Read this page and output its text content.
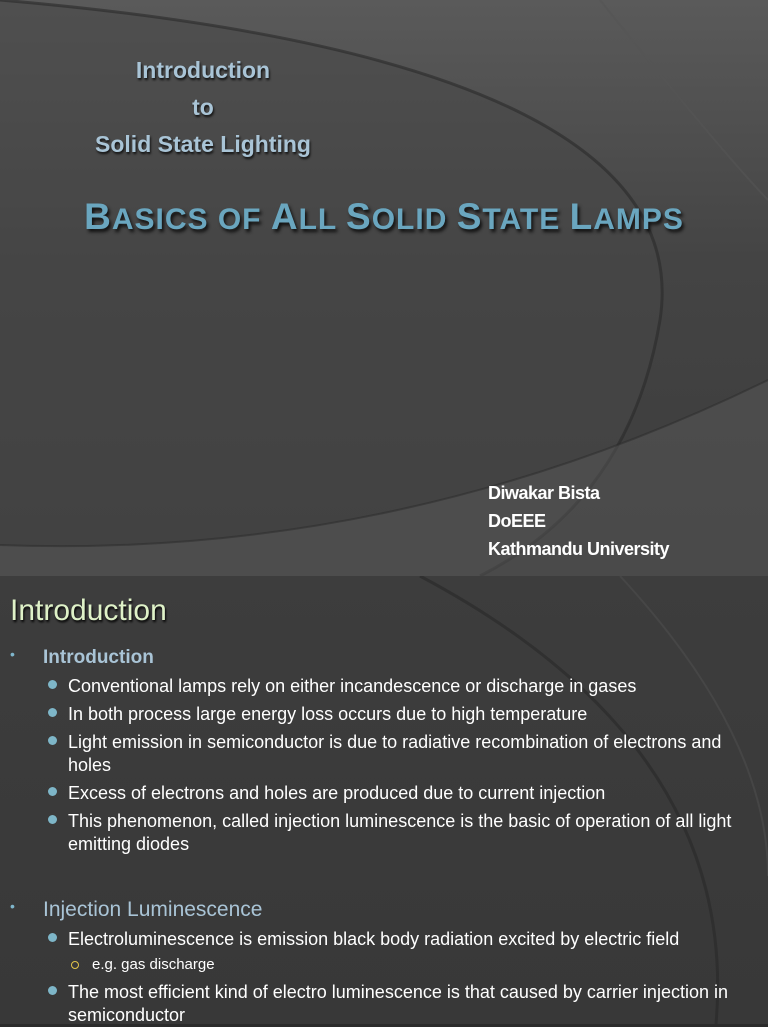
Introduction
to
Solid State Lighting
BASICS OF ALL SOLID STATE LAMPS
Diwakar Bista
DoEEE
Kathmandu University
Introduction
• Introduction
Conventional lamps rely on either incandescence or discharge in gases
In both process large energy loss occurs due to high temperature
Light emission in semiconductor is due to radiative recombination of electrons and holes
Excess of electrons and holes are produced due to current injection
This phenomenon, called injection luminescence is the basic of operation of all light emitting diodes
• Injection Luminescence
Electroluminescence is emission black body radiation excited by electric field
e.g. gas discharge
The most efficient kind of electro luminescence is that caused by carrier injection in semiconductor
